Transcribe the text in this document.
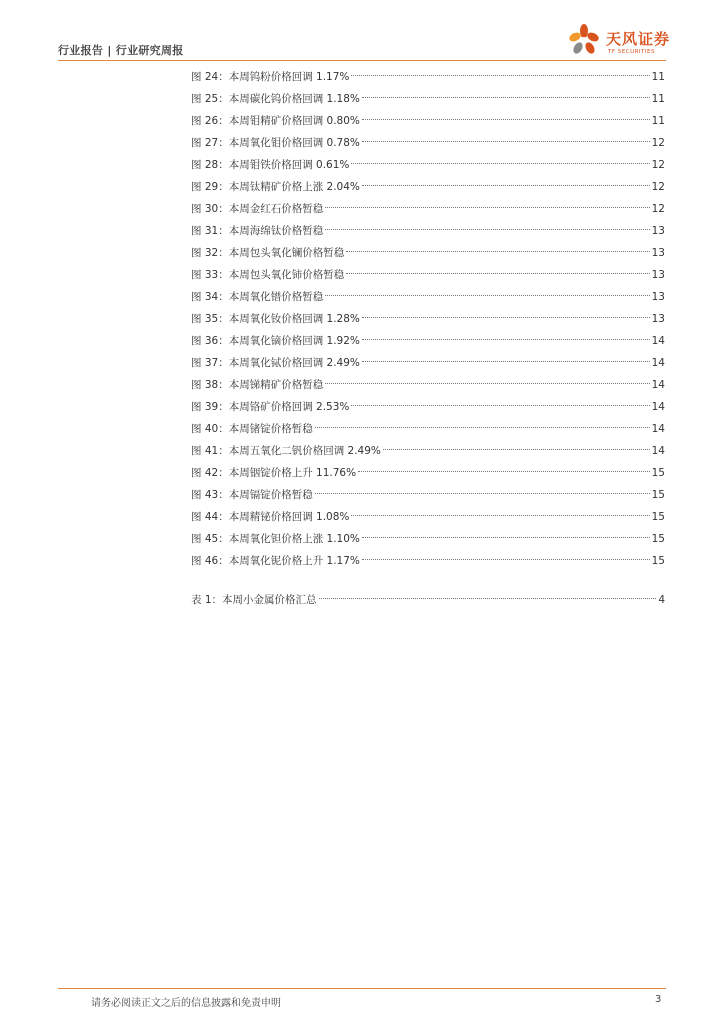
行业报告 | 行业研究周报
天风证券
TF SECURITIES
图 24：本周钨粉价格回调 1.17%	11
图 25：本周碳化钨价格回调 1.18%	11
图 26：本周钼精矿价格回调 0.80%	11
图 27：本周氧化钼价格回调 0.78%	12
图 28：本周钼铁价格回调 0.61%	12
图 29：本周钛精矿价格上涨 2.04%	12
图 30：本周金红石价格暂稳	12
图 31：本周海绵钛价格暂稳	13
图 32：本周包头氧化镧价格暂稳	13
图 33：本周包头氧化铈价格暂稳	13
图 34：本周氧化镨价格暂稳	13
图 35：本周氧化钕价格回调 1.28%	13
图 36：本周氧化镝价格回调 1.92%	14
图 37：本周氧化铽价格回调 2.49%	14
图 38：本周锑精矿价格暂稳	14
图 39：本周铬矿价格回调 2.53%	14
图 40：本周锗锭价格暂稳	14
图 41：本周五氧化二钒价格回调 2.49%	14
图 42：本周铟锭价格上升 11.76%	15
图 43：本周镉锭价格暂稳	15
图 44：本周精铋价格回调 1.08%	15
图 45：本周氧化钽价格上涨 1.10%	15
图 46：本周氧化铌价格上升 1.17%	15
表 1：本周小金属价格汇总	4
请务必阅读正文之后的信息披露和免责申明	3
